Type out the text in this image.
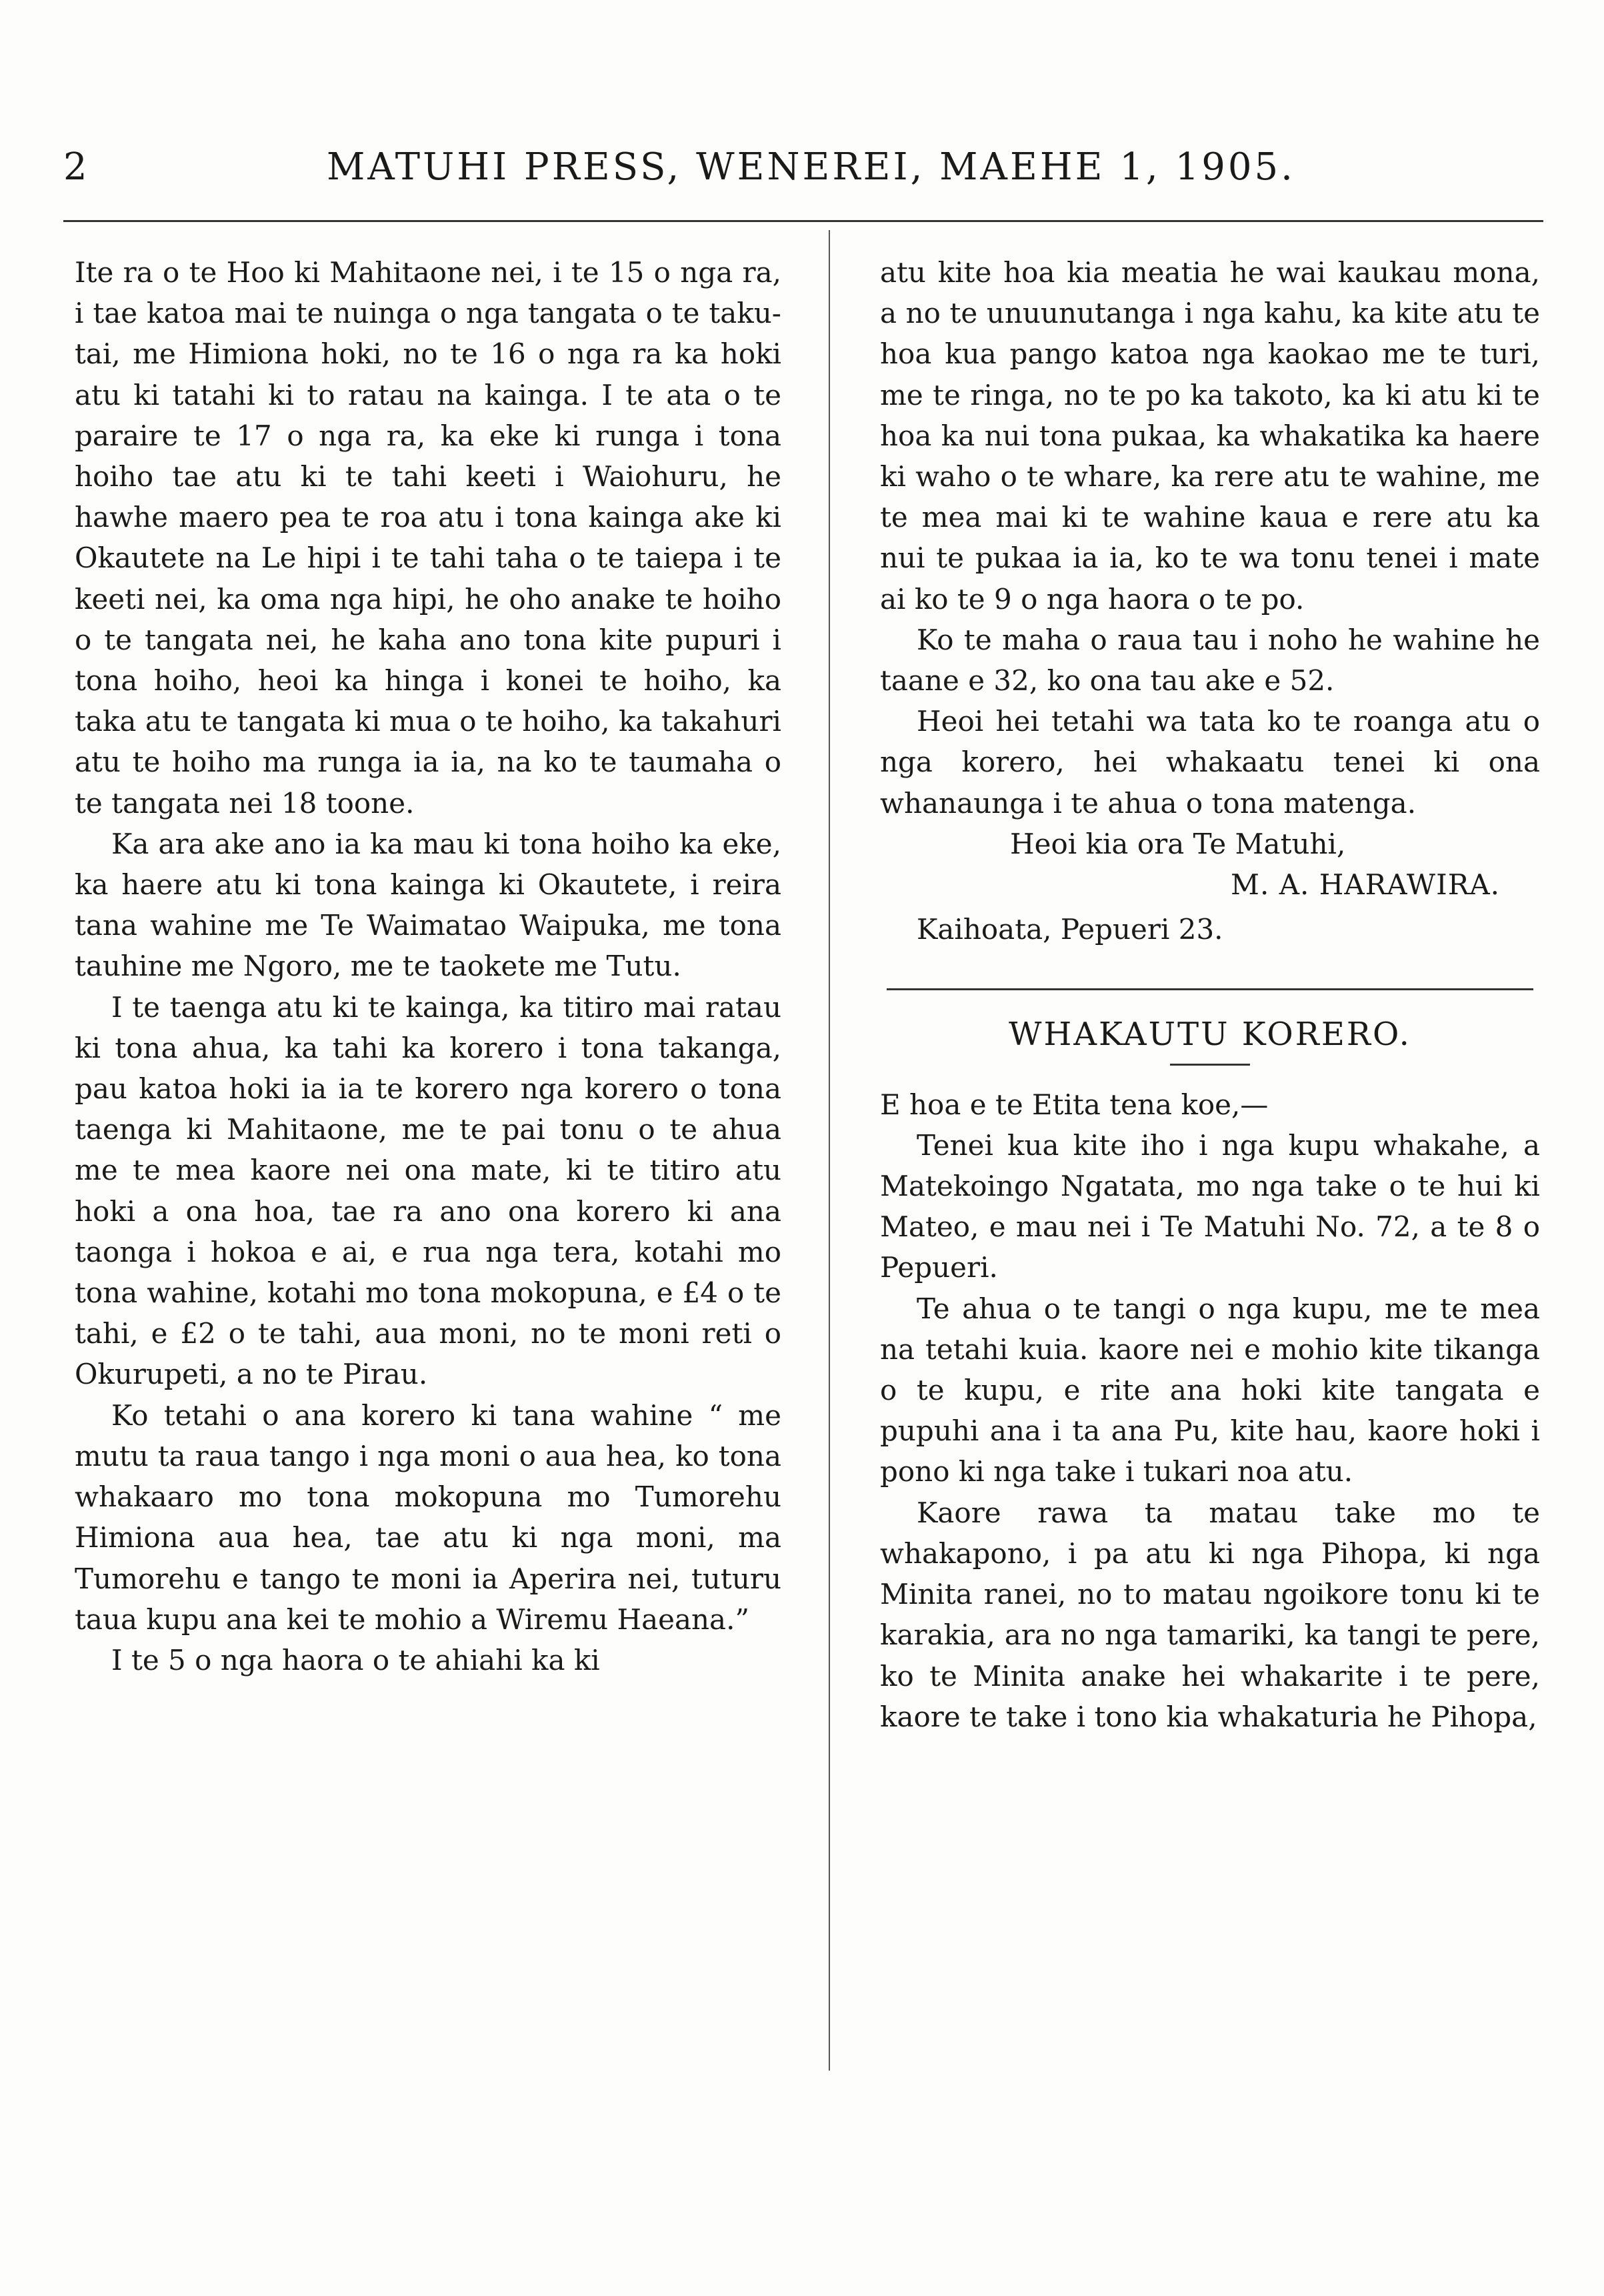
2	MATUHI PRESS, WENEREI, MAEHE 1, 1905.

Ite ra o te Hoo ki Mahitaone nei, i te 15 o nga ra, i tae katoa mai te nuinga o nga tangata o te taku-tai, me Himiona hoki, no te 16 o nga ra ka hoki atu ki tatahi ki to ratau na kainga. I te ata o te paraire te 17 o nga ra, ka eke ki runga i tona hoiho tae atu ki te tahi keeti i Waiohuru, he hawhe maero pea te roa atu i tona kainga ake ki Okautete na Le hipi i te tahi taha o te taiepa i te keeti nei, ka oma nga hipi, he oho anake te hoiho o te tangata nei, he kaha ano tona kite pupuri i tona hoiho, heoi ka hinga i konei te hoiho, ka taka atu te tangata ki mua o te hoiho, ka takahuri atu te hoiho ma runga ia ia, na ko te taumaha o te tangata nei 18 toone.

Ka ara ake ano ia ka mau ki tona hoiho ka eke, ka haere atu ki tona kainga ki Okautete, i reira tana wahine me Te Waimatao Waipuka, me tona tauhine me Ngoro, me te taokete me Tutu.

I te taenga atu ki te kainga, ka titiro mai ratau ki tona ahua, ka tahi ka korero i tona takanga, pau katoa hoki ia ia te korero nga korero o tona taenga ki Mahitaone, me te pai tonu o te ahua me te mea kaore nei ona mate, ki te titiro atu hoki a ona hoa, tae ra ano ona korero ki ana taonga i hokoa e ai, e rua nga tera, kotahi mo tona wahine, kotahi mo tona mokopuna, e £4 o te tahi, e £2 o te tahi, aua moni, no te moni reti o Okurupeti, a no te Pirau.

Ko tetahi o ana korero ki tana wahine “ me mutu ta raua tango i nga moni o aua hea, ko tona whakaaro mo tona mokopuna mo Tumorehu Himiona aua hea, tae atu ki nga moni, ma Tumorehu e tango te moni ia Aperira nei, tuturu taua kupu ana kei te mohio a Wiremu Haeana.”

I te 5 o nga haora o te ahiahi ka ki

atu kite hoa kia meatia he wai kaukau mona, a no te unuunutanga i nga kahu, ka kite atu te hoa kua pango katoa nga kaokao me te turi, me te ringa, no te po ka takoto, ka ki atu ki te hoa ka nui tona pukaa, ka whakatika ka haere ki waho o te whare, ka rere atu te wahine, me te mea mai ki te wahine kaua e rere atu ka nui te pukaa ia ia, ko te wa tonu tenei i mate ai ko te 9 o nga haora o te po.

Ko te maha o raua tau i noho he wahine he taane e 32, ko ona tau ake e 52.

Heoi hei tetahi wa tata ko te roanga atu o nga korero, hei whakaatu tenei ki ona whanaunga i te ahua o tona matenga.

Heoi kia ora Te Matuhi,

M. A. HARAWIRA.

Kaihoata, Pepueri 23.

WHAKAUTU KORERO.

E hoa e te Etita tena koe,—

Tenei kua kite iho i nga kupu whakahe, a Matekoingo Ngatata, mo nga take o te hui ki Mateo, e mau nei i Te Matuhi No. 72, a te 8 o Pepueri.

Te ahua o te tangi o nga kupu, me te mea na tetahi kuia. kaore nei e mohio kite tikanga o te kupu, e rite ana hoki kite tangata e pupuhi ana i ta ana Pu, kite hau, kaore hoki i pono ki nga take i tukari noa atu.

Kaore rawa ta matau take mo te whakapono, i pa atu ki nga Pihopa, ki nga Minita ranei, no to matau ngoikore tonu ki te karakia, ara no nga tamariki, ka tangi te pere, ko te Minita anake hei whakarite i te pere, kaore te take i tono kia whakaturia he Pihopa,
